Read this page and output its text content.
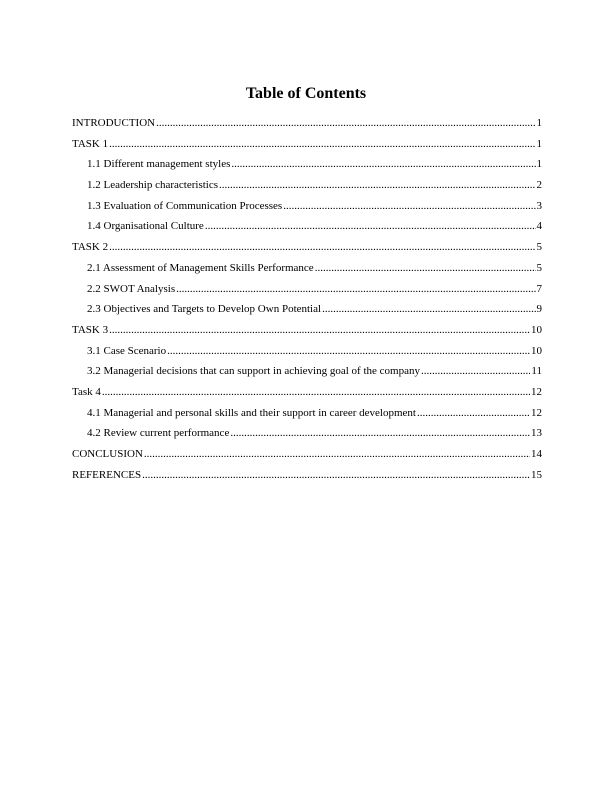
Table of Contents
INTRODUCTION .....	1
TASK 1 .....	1
1.1 Different management styles .....	1
1.2 Leadership characteristics .....	2
1.3 Evaluation of Communication Processes .....	3
1.4 Organisational Culture .....	4
TASK 2 .....	5
2.1 Assessment of Management Skills Performance .....	5
2.2 SWOT Analysis .....	7
2.3 Objectives and Targets to Develop Own Potential .....	9
TASK 3 .....	10
3.1 Case Scenario .....	10
3.2 Managerial decisions that can support in achieving goal of the company .....	11
Task 4 .....	12
4.1 Managerial and personal skills and their support in career development .....	12
4.2 Review current performance .....	13
CONCLUSION .....	14
REFERENCES .....	15
